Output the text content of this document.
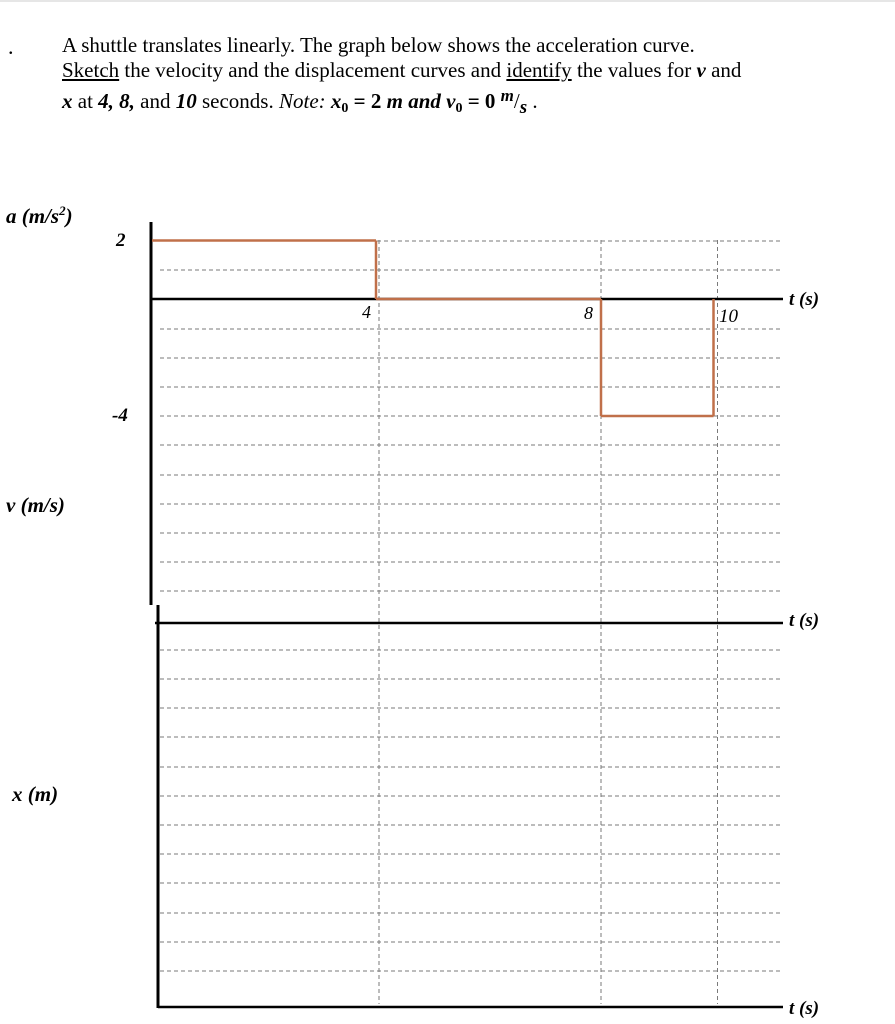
. A shuttle translates linearly. The graph below shows the acceleration curve.
Sketch the velocity and the displacement curves and identify the values for v and
x at 4, 8, and 10 seconds. Note: $x_0 = 2$ m and $v_0 = 0$ $^m$/s .
a $(m/s^2)$
v (m/s)
x (m)
t (s)
t (s)
t (s)
2
-4
4	8	10
